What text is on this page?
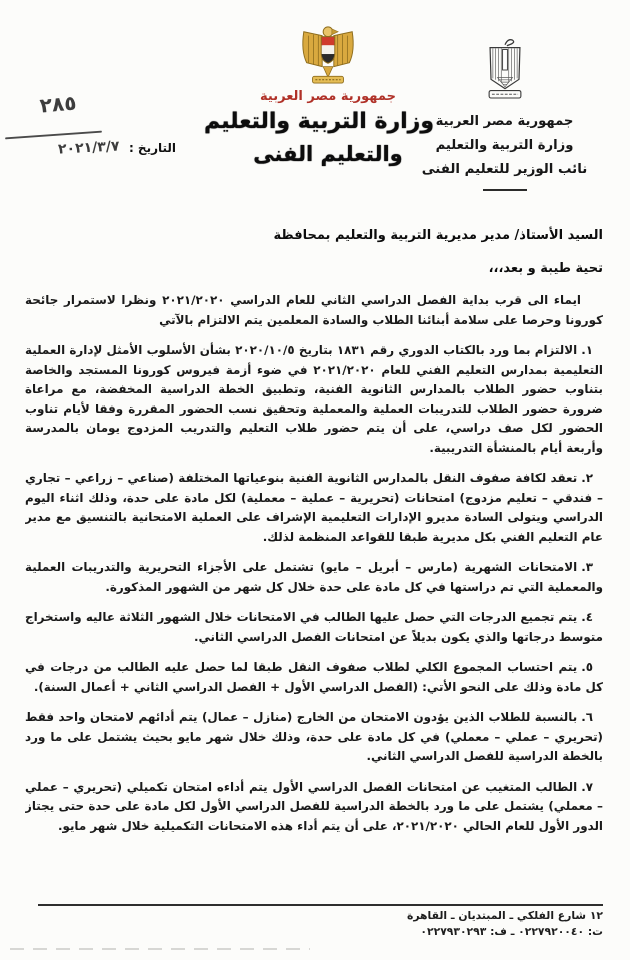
٢٨٥
التاريخ : ٢٠٢١/٣/٧
جمهورية مصر العربية
وزارة التربية والتعليم
نائب الوزير للتعليم الفنى
جمهورية مصر العربية
وزارة التربية والتعليم
والتعليم الفنى

السيد الأستاذ/ مدير مديرية التربية والتعليم بمحافظة

تحية طيبة و بعد،،،

ايماء الى قرب بداية الفصل الدراسي الثاني للعام الدراسي ٢٠٢١/٢٠٢٠ ونظرا لاستمرار جائحة كورونا وحرصا على سلامة أبنائنا الطلاب والسادة المعلمين يتم الالتزام بالآتي

١.الالتزام بما ورد بالكتاب الدوري رقم ١٨٣١ بتاريخ ٢٠٢٠/١٠/٥ بشأن الأسلوب الأمثل لإدارة العملية التعليمية بمدارس التعليم الفني للعام ٢٠٢١/٢٠٢٠ في ضوء أزمة فيروس كورونا المستجد والخاصة بتناوب حضور الطلاب بالمدارس الثانوية الفنية، وتطبيق الخطة الدراسية المخفضة، مع مراعاة ضرورة حضور الطلاب للتدريبات العملية والمعملية وتحقيق نسب الحضور المقررة وفقا لأيام تناوب الحضور لكل صف دراسي، على أن يتم حضور طلاب التعليم والتدريب المزدوج يومان بالمدرسة وأربعة أيام بالمنشأة التدريبية.

٢.تعقد لكافة صفوف النقل بالمدارس الثانوية الفنية بنوعياتها المختلفة (صناعي – زراعي – تجاري – فندقي – تعليم مزدوج) امتحانات (تحريرية – عملية – معملية) لكل مادة على حدة، وذلك اثناء اليوم الدراسي ويتولى السادة مديرو الإدارات التعليمية الإشراف على العملية الامتحانية بالتنسيق مع مدير عام التعليم الفني بكل مديرية طبقا للقواعد المنظمة لذلك.

٣.الامتحانات الشهرية (مارس – أبريل – مايو) تشتمل على الأجزاء التحريرية والتدريبات العملية والمعملية التي تم دراستها في كل مادة على حدة خلال كل شهر من الشهور المذكورة.

٤.يتم تجميع الدرجات التي حصل عليها الطالب في الامتحانات خلال الشهور الثلاثة عاليه واستخراج متوسط درجاتها والذي يكون بديلاً عن امتحانات الفصل الدراسي الثاني.

٥.يتم احتساب المجموع الكلي لطلاب صفوف النقل طبقا لما حصل عليه الطالب من درجات في كل مادة وذلك على النحو الأتي: (الفصل الدراسي الأول + الفصل الدراسي الثاني + أعمال السنة).

٦.بالنسبة للطلاب الذين يؤدون الامتحان من الخارج (منازل – عمال) يتم أدائهم لامتحان واحد فقط (تحريري – عملي – معملي) في كل مادة على حدة، وذلك خلال شهر مايو بحيث يشتمل على ما ورد بالخطة الدراسية للفصل الدراسي الثاني.

٧.الطالب المتغيب عن امتحانات الفصل الدراسي الأول يتم أداءه امتحان تكميلي (تحريري – عملي – معملي) يشتمل على ما ورد بالخطة الدراسية للفصل الدراسي الأول لكل مادة على حدة حتى يجتاز الدور الأول للعام الحالي ٢٠٢١/٢٠٢٠، على أن يتم أداء هذه الامتحانات التكميلية خلال شهر مايو.

١٢ شارع الفلكي ـ المبتديان ـ القاهرة
ت: ٠٢٢٧٩٢٠٠٤٠ ـ ف: ٠٢٢٧٩٣٠٢٩٣
